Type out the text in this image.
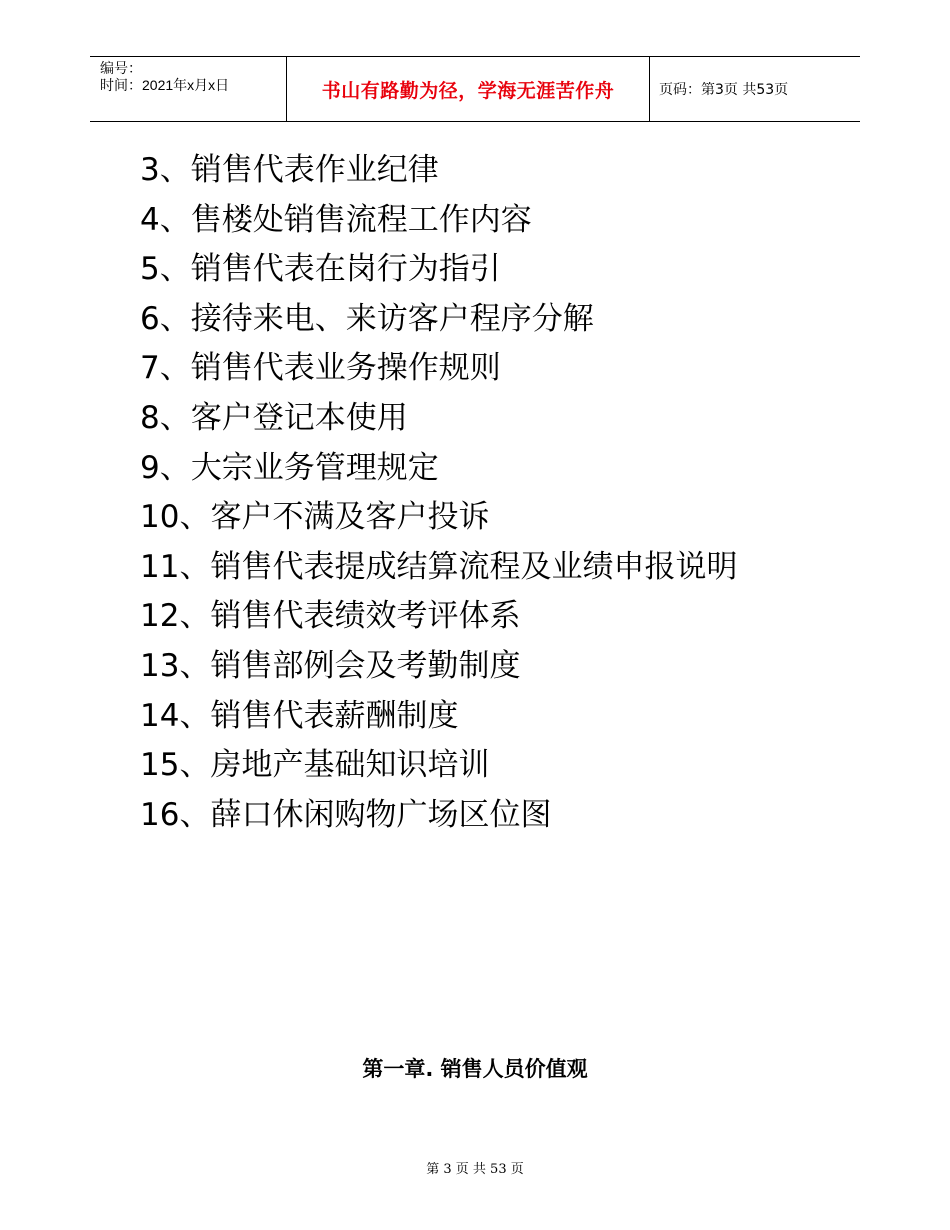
编号：
时间：2021年x月x日	书山有路勤为径，学海无涯苦作舟	页码：第3页 共53页
3、销售代表作业纪律
4、售楼处销售流程工作内容
5、销售代表在岗行为指引
6、接待来电、来访客户程序分解
7、销售代表业务操作规则
8、客户登记本使用
9、大宗业务管理规定
10、客户不满及客户投诉
11、销售代表提成结算流程及业绩申报说明
12、销售代表绩效考评体系
13、销售部例会及考勤制度
14、销售代表薪酬制度
15、房地产基础知识培训
16、薛口休闲购物广场区位图
第一章. 销售人员价值观
第 3 页 共 53 页
